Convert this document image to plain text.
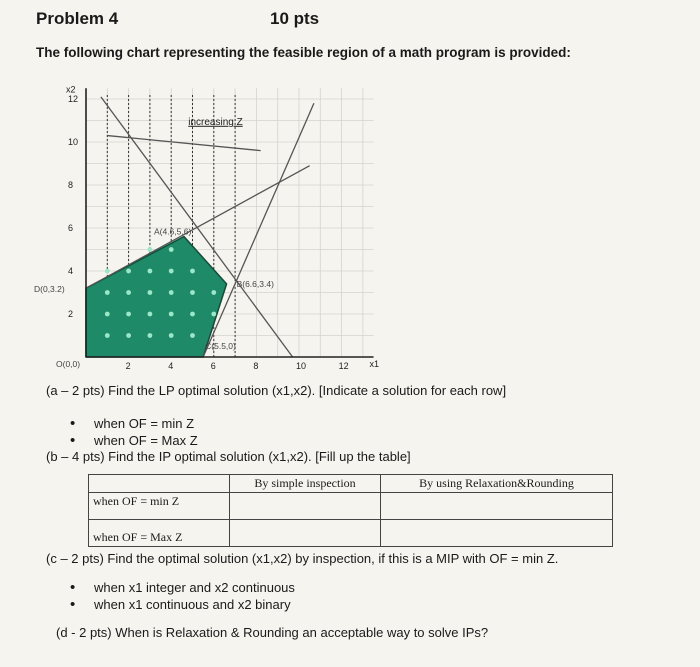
Problem 4	10 pts
The following chart representing the feasible region of a math program is provided:
2	4	6	8	10	12
2
4
6
8
10
12
x1
x2
O(0,0)
D(0,3.2)
A(4.6,5.6)
B(6.6,3.4)
C(5.5,0)
increasing Z
(a – 2 pts) Find the LP optimal solution (x1,x2). [Indicate a solution for each row]
• when OF = min Z
• when OF = Max Z
(b – 4 pts) Find the IP optimal solution (x1,x2). [Fill up the table]
	By simple inspection	By using Relaxation&Rounding
when OF = min Z		
when OF = Max Z		
(c – 2 pts) Find the optimal solution (x1,x2) by inspection, if this is a MIP with OF = min Z.
• when x1 integer and x2 continuous
• when x1 continuous and x2 binary
(d - 2 pts) When is Relaxation & Rounding an acceptable way to solve IPs?
